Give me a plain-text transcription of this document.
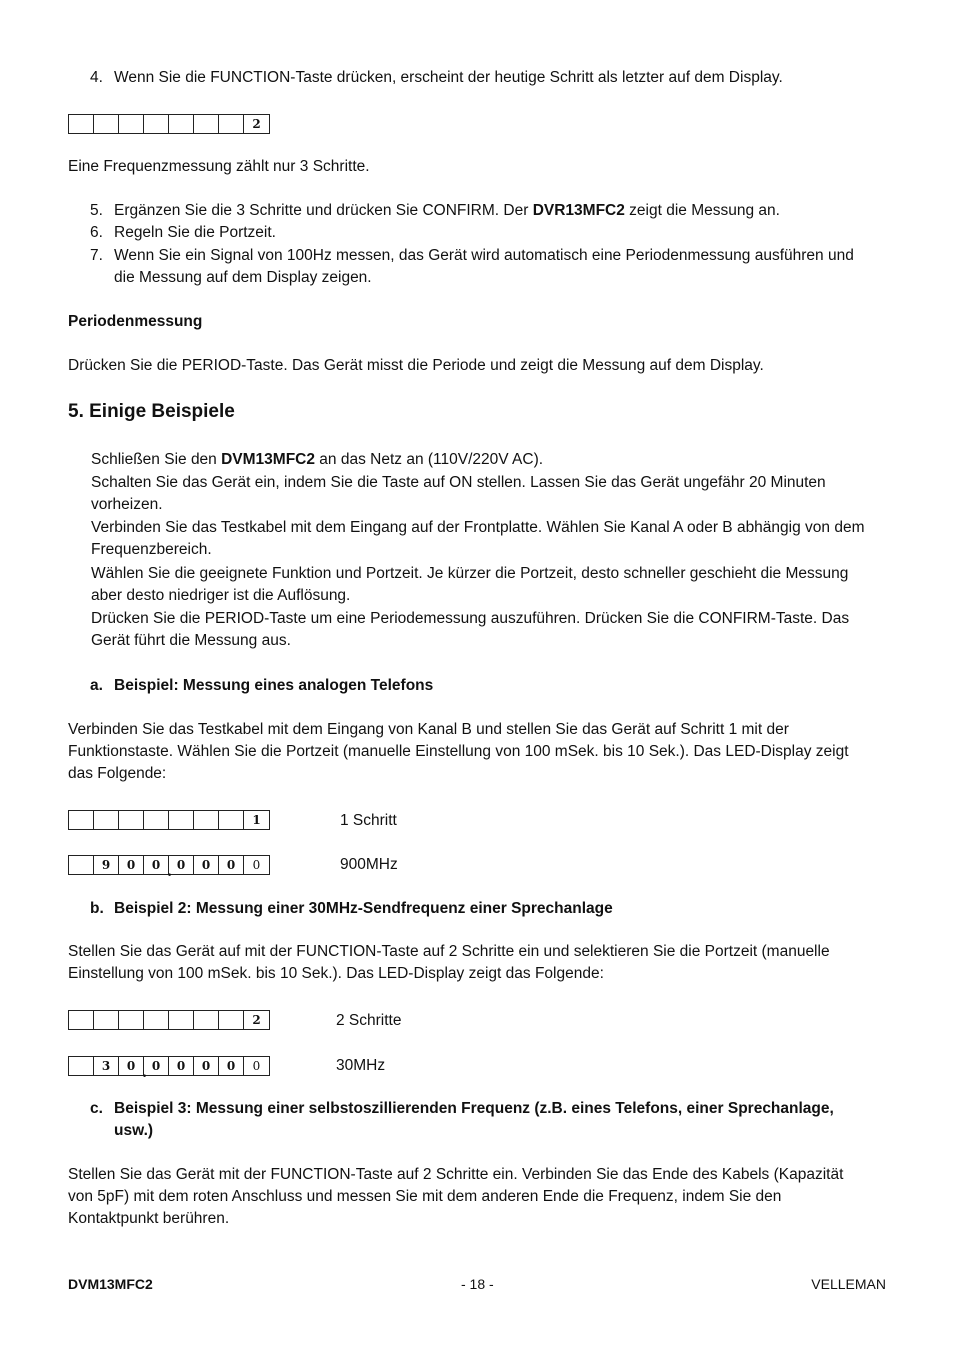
4. Wenn Sie die FUNCTION-Taste drücken, erscheint der heutige Schritt als letzter auf dem Display.
2
Eine Frequenzmessung zählt nur 3 Schritte.
5. Ergänzen Sie die 3 Schritte und drücken Sie CONFIRM. Der DVR13MFC2 zeigt die Messung an.
6. Regeln Sie die Portzeit.
7. Wenn Sie ein Signal von 100Hz messen, das Gerät wird automatisch eine Periodenmessung ausführen und
die Messung auf dem Display zeigen.
Periodenmessung
Drücken Sie die PERIOD-Taste. Das Gerät misst die Periode und zeigt die Messung auf dem Display.
5. Einige Beispiele
Schließen Sie den DVM13MFC2 an das Netz an (110V/220V AC).
Schalten Sie das Gerät ein, indem Sie die Taste auf ON stellen. Lassen Sie das Gerät ungefähr 20 Minuten
vorheizen.
Verbinden Sie das Testkabel mit dem Eingang auf der Frontplatte. Wählen Sie Kanal A oder B abhängig von dem
Frequenzbereich.
Wählen Sie die geeignete Funktion und Portzeit. Je kürzer die Portzeit, desto schneller geschieht die Messung
aber desto niedriger ist die Auflösung.
Drücken Sie die PERIOD-Taste um eine Periodemessung auszuführen. Drücken Sie die CONFIRM-Taste. Das
Gerät führt die Messung aus.
a. Beispiel: Messung eines analogen Telefons
Verbinden Sie das Testkabel mit dem Eingang von Kanal B und stellen Sie das Gerät auf Schritt 1 mit der
Funktionstaste. Wählen Sie die Portzeit (manuelle Einstellung von 100 mSek. bis 10 Sek.). Das LED-Display zeigt
das Folgende:
1	1 Schritt
9	0	0 . 0	0	0	0	900MHz
b. Beispiel 2: Messung einer 30MHz-Sendfrequenz einer Sprechanlage
Stellen Sie das Gerät auf mit der FUNCTION-Taste auf 2 Schritte ein und selektieren Sie die Portzeit (manuelle
Einstellung von 100 mSek. bis 10 Sek.). Das LED-Display zeigt das Folgende:
2	2 Schritte
3	0 . 0	0	0	0	0	30MHz
c. Beispiel 3: Messung einer selbstoszillierenden Frequenz (z.B. eines Telefons, einer Sprechanlage,
usw.)
Stellen Sie das Gerät mit der FUNCTION-Taste auf 2 Schritte ein. Verbinden Sie das Ende des Kabels (Kapazität
von 5pF) mit dem roten Anschluss und messen Sie mit dem anderen Ende die Frequenz, indem Sie den
Kontaktpunkt berühren.
DVM13MFC2	- 18 -	VELLEMAN
